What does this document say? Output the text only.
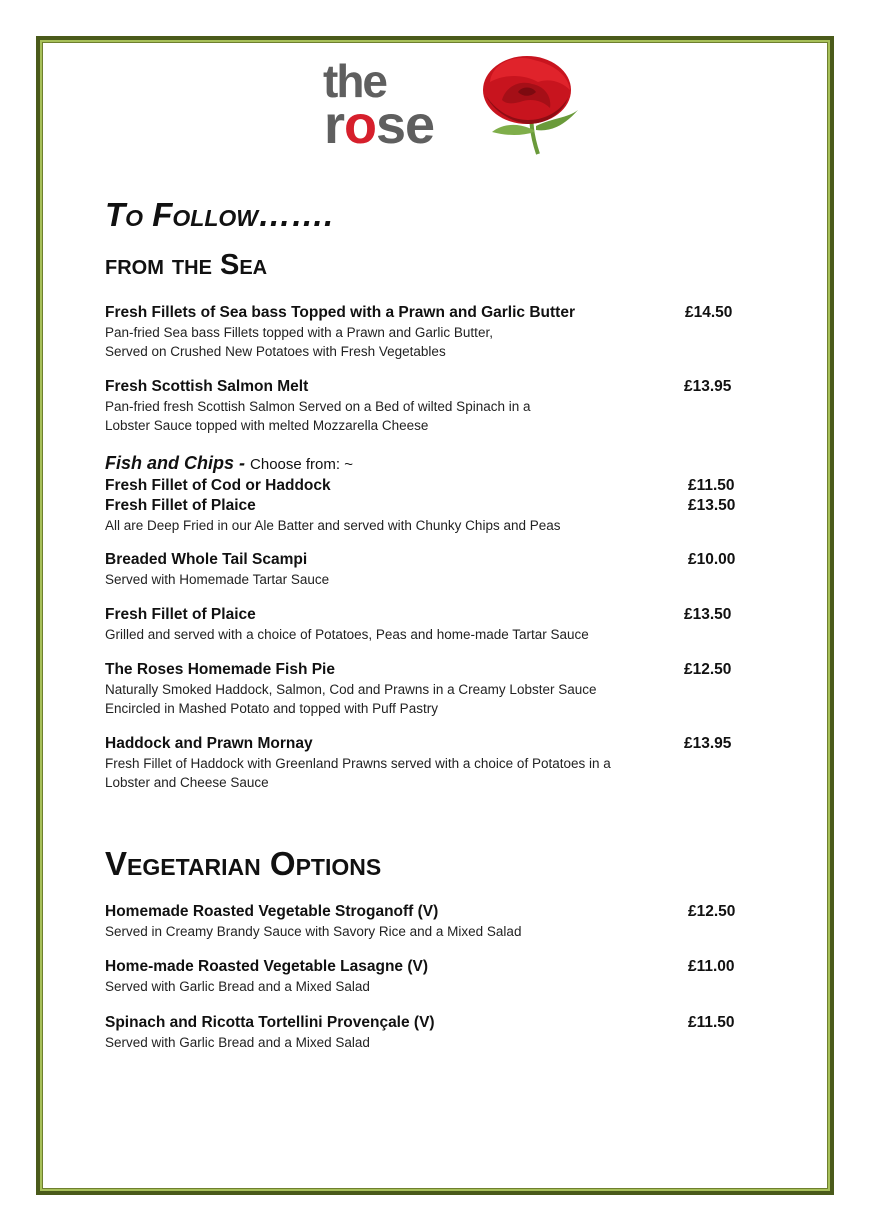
the
rose
To Follow…….
from the Sea
Fresh Fillets of Sea bass Topped with a Prawn and Garlic Butter	£14.50
Pan-fried Sea bass Fillets topped with a Prawn and Garlic Butter,
Served on Crushed New Potatoes with Fresh Vegetables
Fresh Scottish Salmon Melt	£13.95
Pan-fried fresh Scottish Salmon Served on a Bed of wilted Spinach in a
Lobster Sauce topped with melted Mozzarella Cheese
Fish and Chips - Choose from: ~
Fresh Fillet of Cod or Haddock	£11.50
Fresh Fillet of Plaice	£13.50
All are Deep Fried in our Ale Batter and served with Chunky Chips and Peas
Breaded Whole Tail Scampi	£10.00
Served with Homemade Tartar Sauce
Fresh Fillet of Plaice	£13.50
Grilled and served with a choice of Potatoes, Peas and home-made Tartar Sauce
The Roses Homemade Fish Pie	£12.50
Naturally Smoked Haddock, Salmon, Cod and Prawns in a Creamy Lobster Sauce
Encircled in Mashed Potato and topped with Puff Pastry
Haddock and Prawn Mornay	£13.95
Fresh Fillet of Haddock with Greenland Prawns served with a choice of Potatoes in a
Lobster and Cheese Sauce
Vegetarian Options
Homemade Roasted Vegetable Stroganoff (V)	£12.50
Served in Creamy Brandy Sauce with Savory Rice and a Mixed Salad
Home-made Roasted Vegetable Lasagne (V)	£11.00
Served with Garlic Bread and a Mixed Salad
Spinach and Ricotta Tortellini Provençale (V)	£11.50
Served with Garlic Bread and a Mixed Salad
